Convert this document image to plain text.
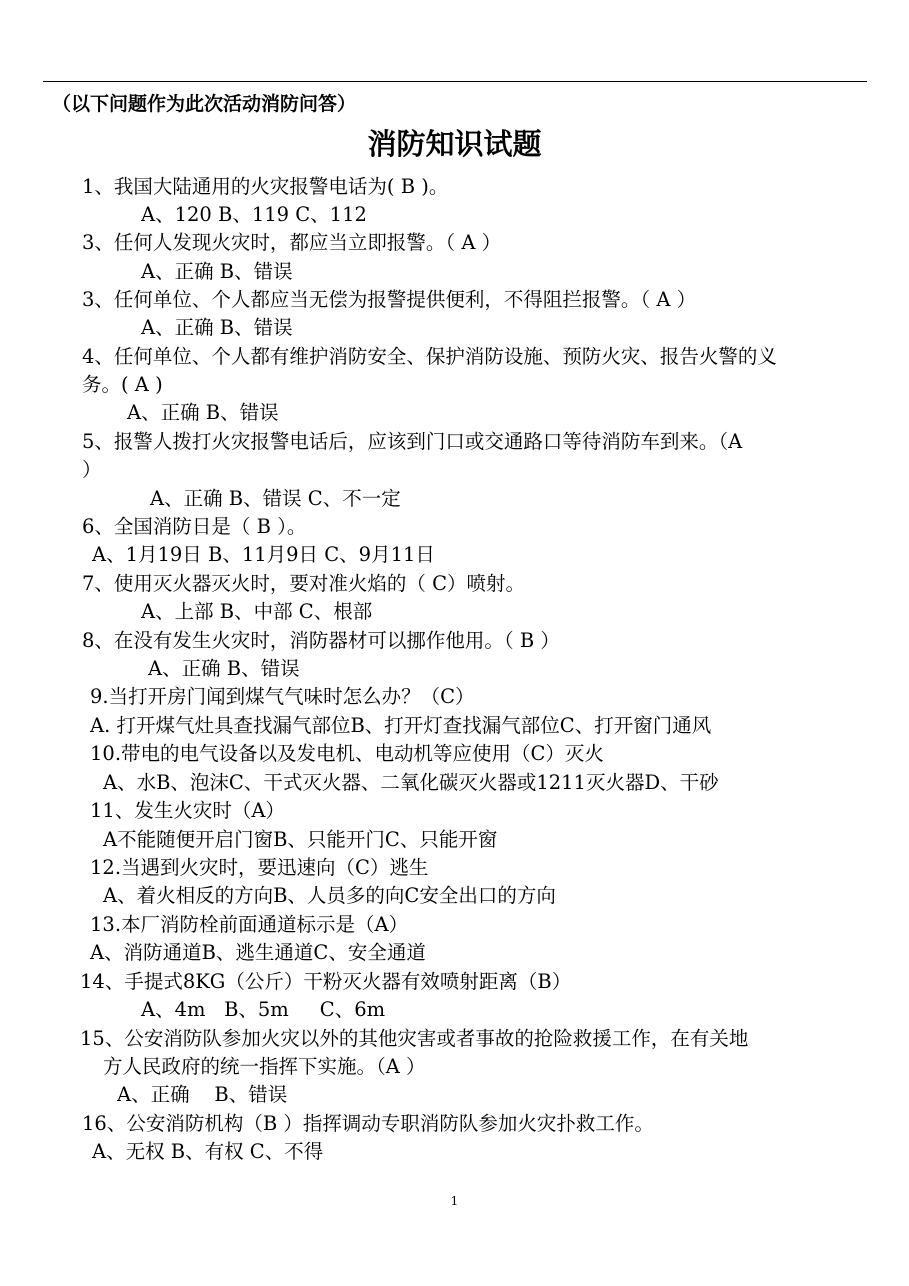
（以下问题作为此次活动消防问答）
消防知识试题
1、我国大陆通用的火灾报警电话为( B )。
A、120 B、119 C、112
3、任何人发现火灾时，都应当立即报警。（ A ）
A、正确 B、错误
3、任何单位、个人都应当无偿为报警提供便利，不得阻拦报警。（ A ）
A、正确 B、错误
4、任何单位、个人都有维护消防安全、保护消防设施、预防火灾、报告火警的义
务。( A )
A、正确 B、错误
5、报警人拨打火灾报警电话后，应该到门口或交通路口等待消防车到来。（A
）
A、正确 B、错误 C、不一定
6、全国消防日是（ B ）。
A、1月19日 B、11月9日 C、9月11日
7、使用灭火器灭火时，要对准火焰的（ C）喷射。
A、上部 B、中部 C、根部
8、在没有发生火灾时，消防器材可以挪作他用。（ B ）
A、正确 B、错误
9.当打开房门闻到煤气气味时怎么办？（C）
A. 打开煤气灶具查找漏气部位B、打开灯查找漏气部位C、打开窗门通风
10.带电的电气设备以及发电机、电动机等应使用（C）灭火
A、水B、泡沫C、干式灭火器、二氧化碳灭火器或1211灭火器D、干砂
11、发生火灾时（A）
A不能随便开启门窗B、只能开门C、只能开窗
12.当遇到火灾时，要迅速向（C）逃生
A、着火相反的方向B、人员多的向C安全出口的方向
13.本厂消防栓前面通道标示是（A）
A、消防通道B、逃生通道C、安全通道
14、手提式8KG（公斤）干粉灭火器有效喷射距离（B）
A、4m   B、5m     C、6m
15、公安消防队参加火灾以外的其他灾害或者事故的抢险救援工作，在有关地
方人民政府的统一指挥下实施。（A ）
A、正确    B、错误
16、公安消防机构（B ）指挥调动专职消防队参加火灾扑救工作。
A、无权 B、有权 C、不得
1
